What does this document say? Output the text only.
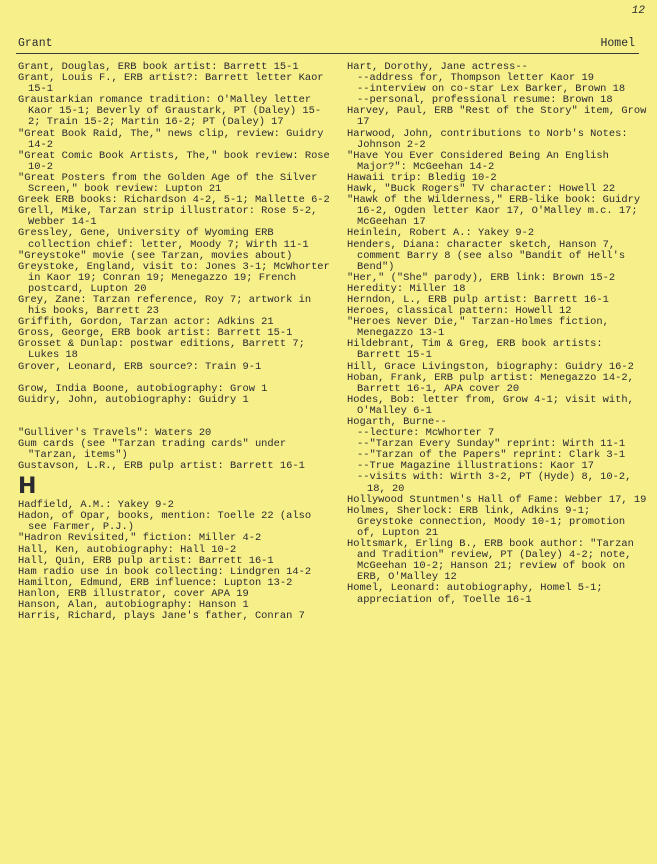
12
Grant	Homel

Grant, Douglas, ERB book artist: Barrett 15-1

Grant, Louis F., ERB artist?: Barrett letter Kaor 15-1

Graustarkian romance tradition: O'Malley letter Kaor 15-1; Beverly of Graustark, PT (Daley) 15-2; Train 15-2; Martin 16-2; PT (Daley) 17

"Great Book Raid, The," news clip, review: Guidry 14-2

"Great Comic Book Artists, The," book review: Rose 10-2

"Great Posters from the Golden Age of the Silver Screen," book review: Lupton 21

Greek ERB books: Richardson 4-2, 5-1; Mallette 6-2

Grell, Mike, Tarzan strip illustrator: Rose 5-2, Webber 14-1

Gressley, Gene, University of Wyoming ERB collection chief: letter, Moody 7; Wirth 11-1

"Greystoke" movie (see Tarzan, movies about)

Greystoke, England, visit to: Jones 3-1; McWhorter in Kaor 19; Conran 19; Menegazzo 19; French postcard, Lupton 20

Grey, Zane: Tarzan reference, Roy 7; artwork in his books, Barrett 23

Griffith, Gordon, Tarzan actor: Adkins 21

Gross, George, ERB book artist: Barrett 15-1

Grosset & Dunlap: postwar editions, Barrett 7; Lukes 18

Grover, Leonard, ERB source?: Train 9-1

Grow, India Boone, autobiography: Grow 1

Guidry, John, autobiography: Guidry 1

"Gulliver's Travels": Waters 20

Gum cards (see "Tarzan trading cards" under "Tarzan, items")

Gustavson, L.R., ERB pulp artist: Barrett 16-1

H

Hadfield, A.M.: Yakey 9-2

Hadon, of Opar, books, mention: Toelle 22 (also see Farmer, P.J.)

"Hadron Revisited," fiction: Miller 4-2

Hall, Ken, autobiography: Hall 10-2

Hall, Quin, ERB pulp artist: Barrett 16-1

Ham radio use in book collecting: Lindgren 14-2

Hamilton, Edmund, ERB influence: Lupton 13-2

Hanlon, ERB illustrator, cover APA 19

Hanson, Alan, autobiography: Hanson 1

Harris, Richard, plays Jane's father, Conran 7

Hart, Dorothy, Jane actress--

--address for, Thompson letter Kaor 19

--interview on co-star Lex Barker, Brown 18

--personal, professional resume: Brown 18

Harvey, Paul, ERB "Rest of the Story" item, Grow 17

Harwood, John, contributions to Norb's Notes: Johnson 2-2

"Have You Ever Considered Being An English Major?": McGeehan 14-2

Hawaii trip: Bledig 10-2

Hawk, "Buck Rogers" TV character: Howell 22

"Hawk of the Wilderness," ERB-like book: Guidry 16-2, Ogden letter Kaor 17, O'Malley m.c. 17; McGeehan 17

Heinlein, Robert A.: Yakey 9-2

Henders, Diana: character sketch, Hanson 7, comment Barry 8 (see also "Bandit of Hell's Bend")

"Her," ("She" parody), ERB link: Brown 15-2

Heredity: Miller 18

Herndon, L., ERB pulp artist: Barrett 16-1

Heroes, classical pattern: Howell 12

"Heroes Never Die," Tarzan-Holmes fiction, Menegazzo 13-1

Hildebrant, Tim & Greg, ERB book artists: Barrett 15-1

Hill, Grace Livingston, biography: Guidry 16-2

Hoban, Frank, ERB pulp artist: Menegazzo 14-2, Barrett 16-1, APA cover 20

Hodes, Bob: letter from, Grow 4-1; visit with, O'Malley 6-1

Hogarth, Burne--

--lecture: McWhorter 7

--"Tarzan Every Sunday" reprint: Wirth 11-1

--"Tarzan of the Papers" reprint: Clark 3-1

--True Magazine illustrations: Kaor 17

--visits with: Wirth 3-2, PT (Hyde) 8, 10-2, 18, 20

Hollywood Stuntmen's Hall of Fame: Webber 17, 19

Holmes, Sherlock: ERB link, Adkins 9-1; Greystoke connection, Moody 10-1; promotion of, Lupton 21

Holtsmark, Erling B., ERB book author: "Tarzan and Tradition" review, PT (Daley) 4-2; note, McGeehan 10-2; Hanson 21; review of book on ERB, O'Malley 12

Homel, Leonard: autobiography, Homel 5-1; appreciation of, Toelle 16-1
